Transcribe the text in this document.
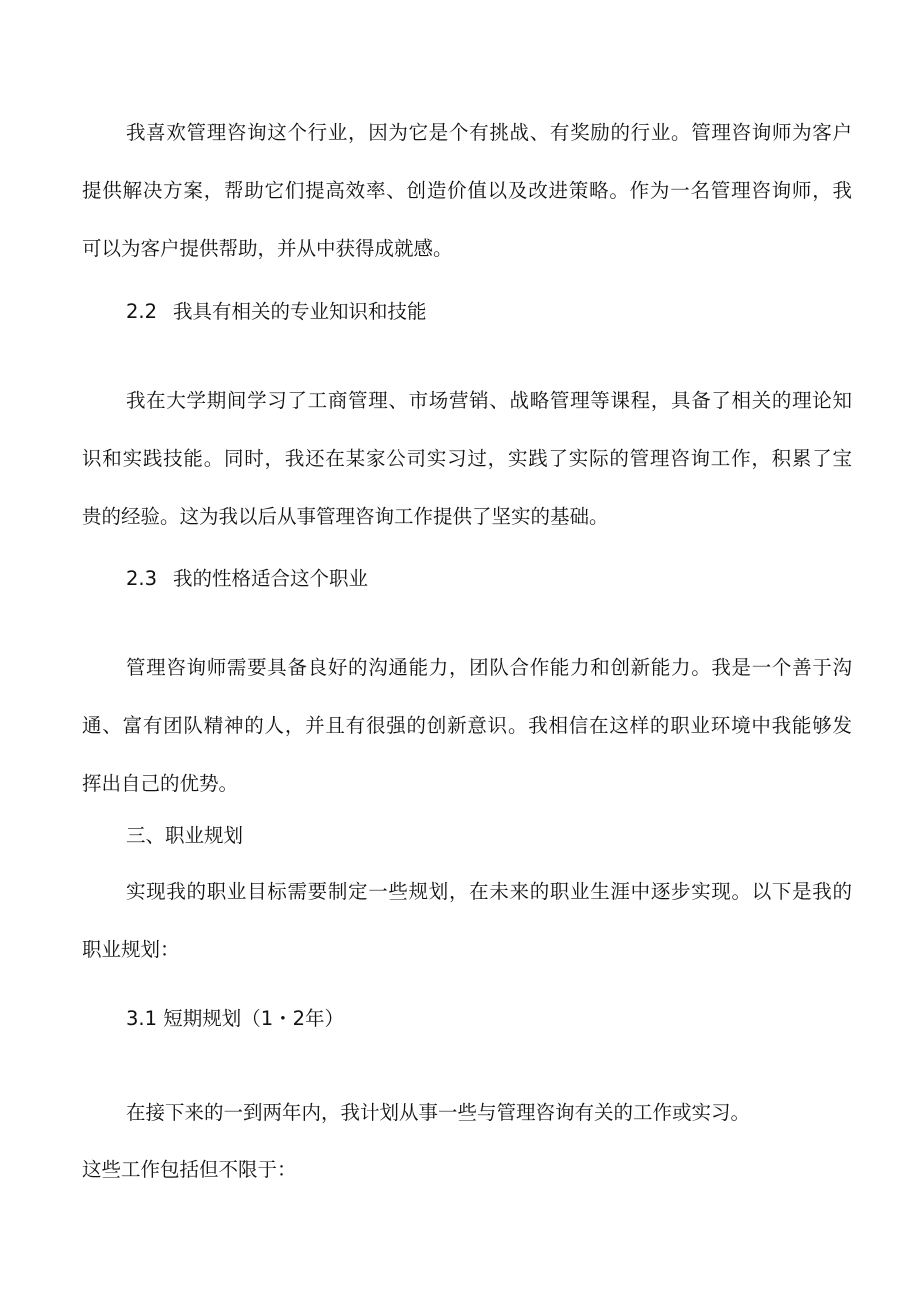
我喜欢管理咨询这个行业，因为它是个有挑战、有奖励的行业。管理咨询师为客户
提供解决方案，帮助它们提高效率、创造价值以及改进策略。作为一名管理咨询师，我
可以为客户提供帮助，并从中获得成就感。
2.2 我具有相关的专业知识和技能
我在大学期间学习了工商管理、市场营销、战略管理等课程，具备了相关的理论知
识和实践技能。同时，我还在某家公司实习过，实践了实际的管理咨询工作，积累了宝
贵的经验。这为我以后从事管理咨询工作提供了坚实的基础。
2.3 我的性格适合这个职业
管理咨询师需要具备良好的沟通能力，团队合作能力和创新能力。我是一个善于沟
通、富有团队精神的人，并且有很强的创新意识。我相信在这样的职业环境中我能够发
挥出自己的优势。
三、职业规划
实现我的职业目标需要制定一些规划，在未来的职业生涯中逐步实现。以下是我的
职业规划：
3.1 短期规划（1・2年）
在接下来的一到两年内，我计划从事一些与管理咨询有关的工作或实习。
这些工作包括但不限于：
